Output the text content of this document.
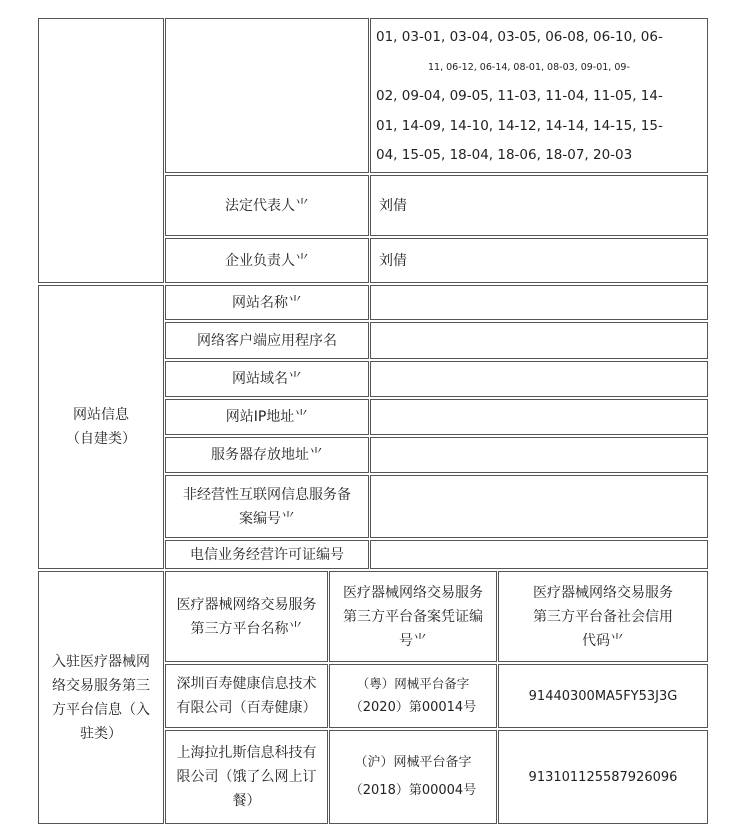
01, 03-01, 03-04, 03-05, 06-08, 06-10, 06-
11, 06-12, 06-14, 08-01, 08-03, 09-01, 09-
02, 09-04, 09-05, 11-03, 11-04, 11-05, 14-
01, 14-09, 14-10, 14-12, 14-14, 14-15, 15-
04, 15-05, 18-04, 18-06, 18-07, 20-03
法定代表人⺌	刘倩
企业负责人⺌	刘倩
网站信息
（自建类）
网站名称⺌
网络客户端应用程序名
网站域名⺌
网站IP地址⺌
服务器存放地址⺌
非经营性互联网信息服务备
案编号⺌
电信业务经营许可证编号
入驻医疗器械网
络交易服务第三
方平台信息（入
驻类）
医疗器械网络交易服务
第三方平台名称⺌
医疗器械网络交易服务
第三方平台备案凭证编
号⺌
医疗器械网络交易服务
第三方平台备社会信用
代码⺌
深圳百寿健康信息技术
有限公司（百寿健康）
（粤）网械平台备字
（2020）第00014号
91440300MA5FY53J3G
上海拉扎斯信息科技有
限公司（饿了么网上订
餐）
（沪）网械平台备字
（2018）第00004号
913101125587926096
